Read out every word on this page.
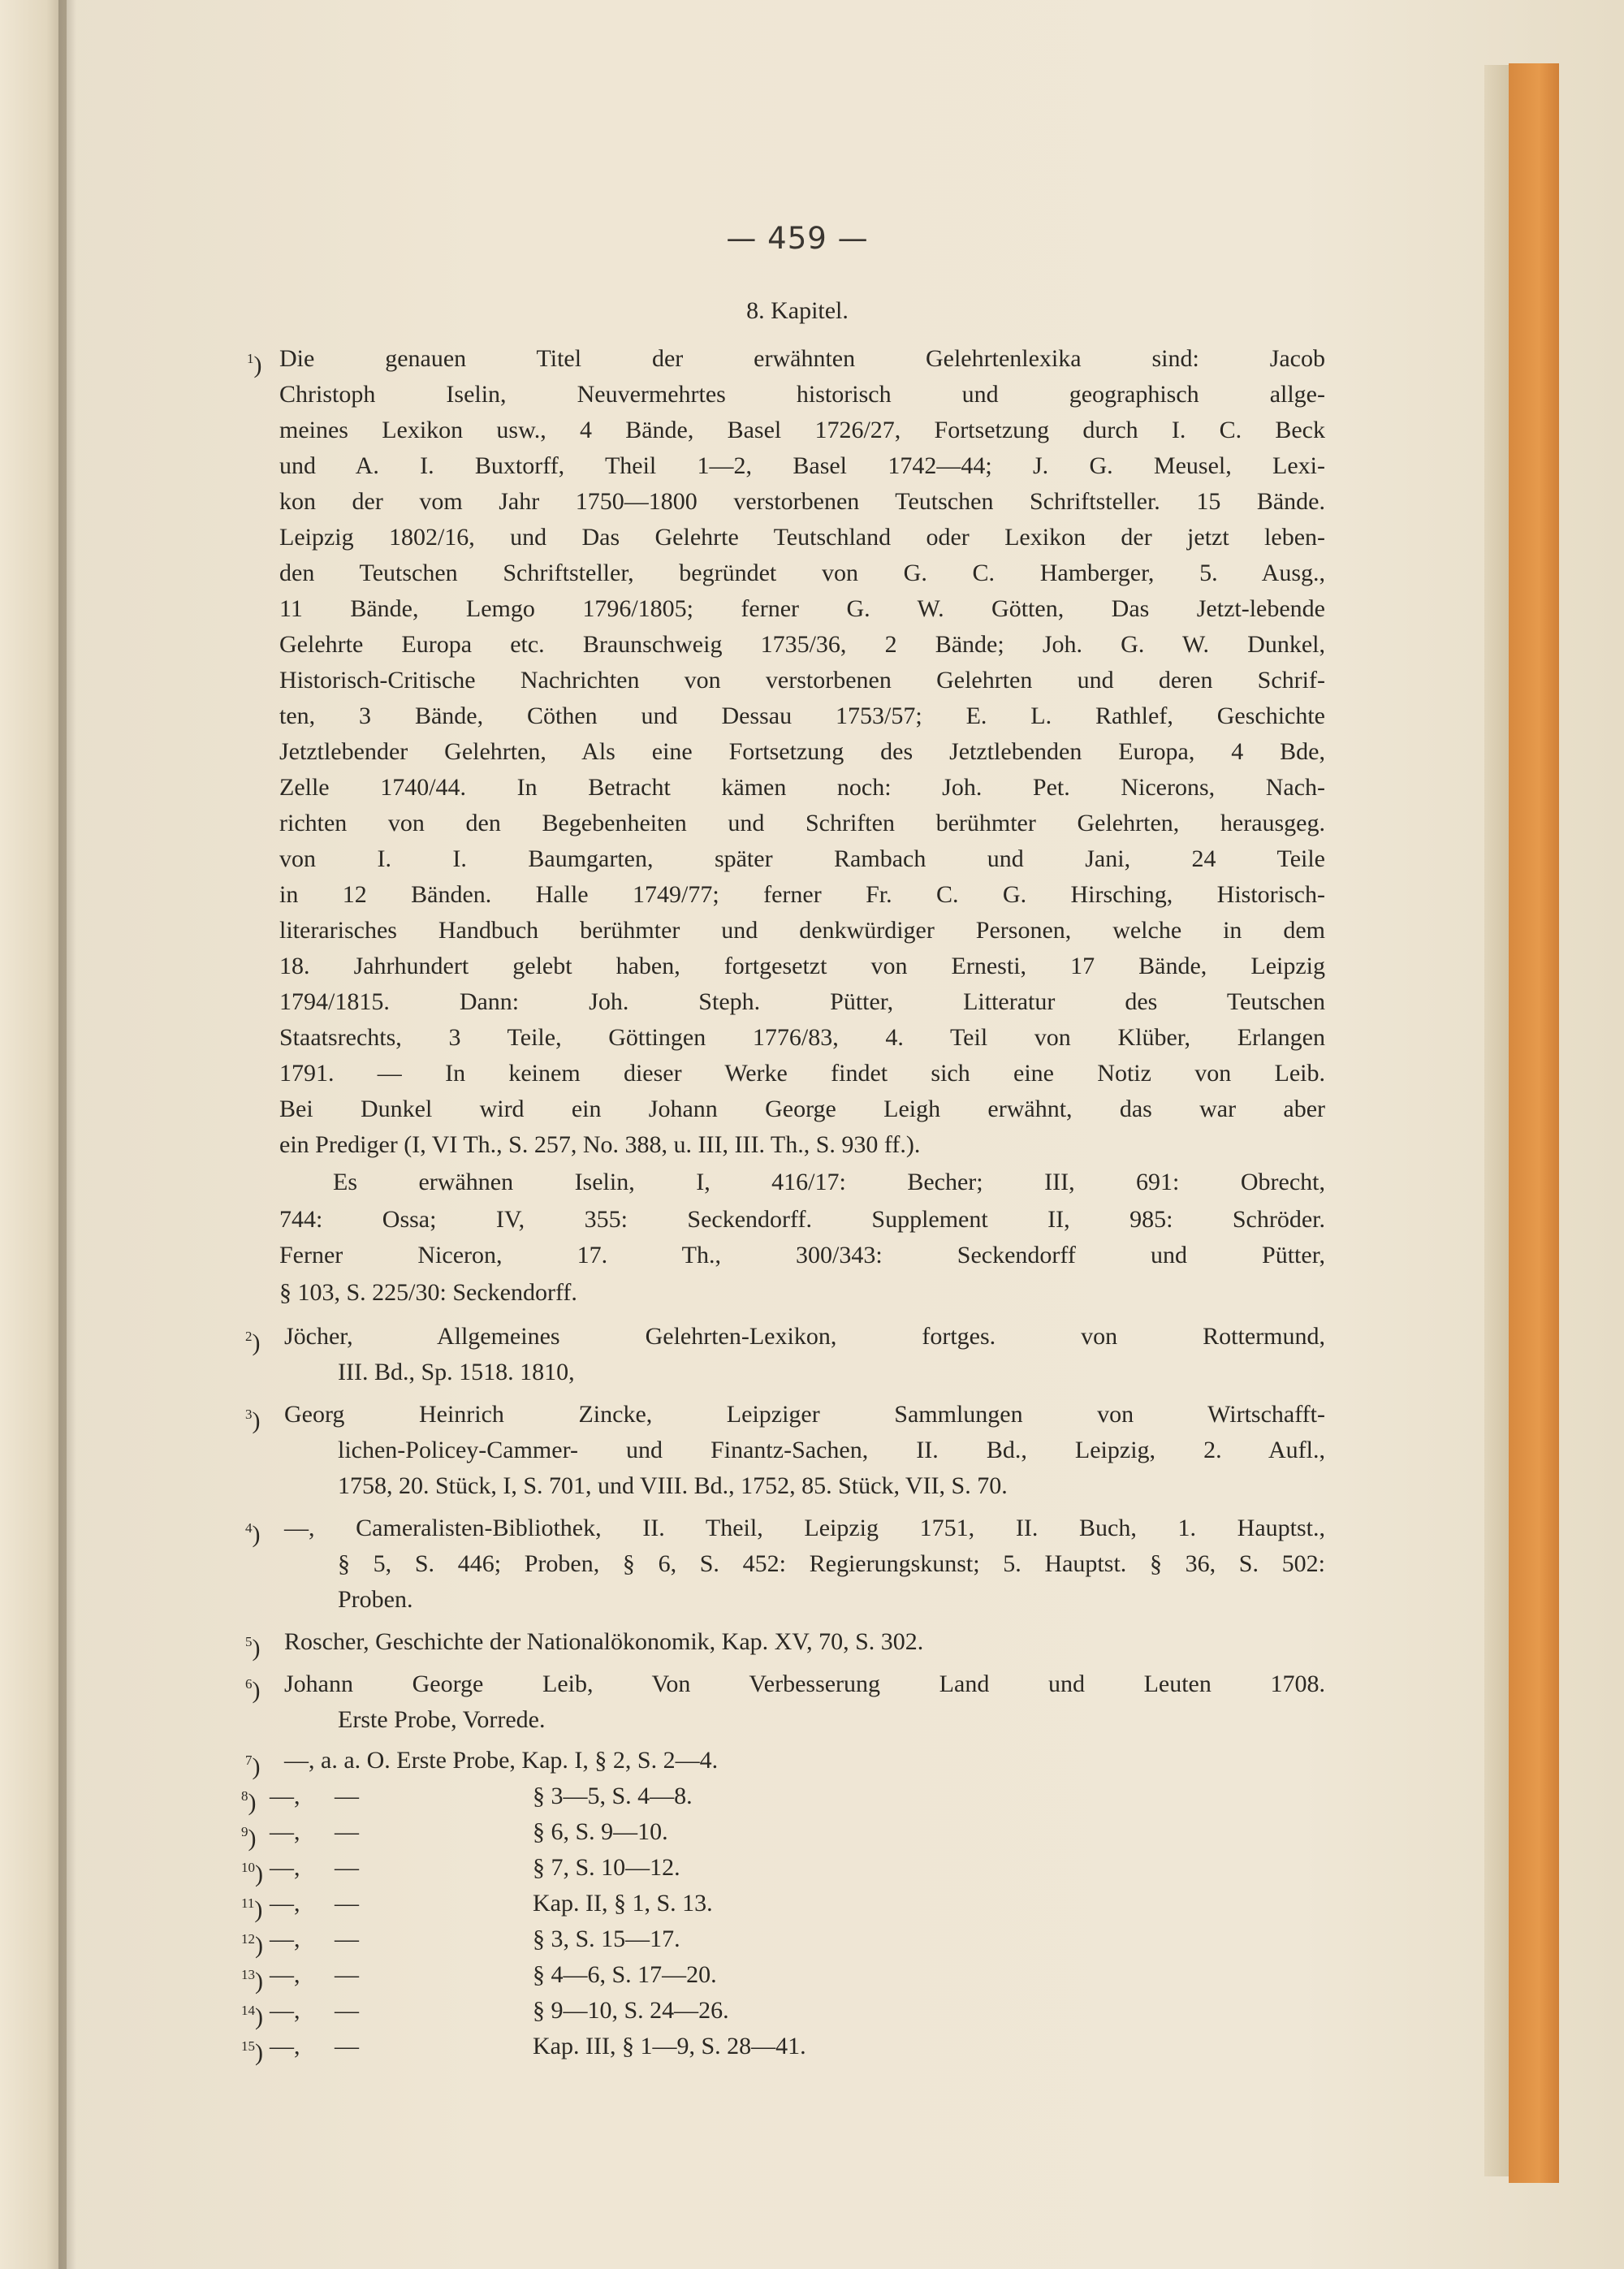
— 459 —
8. Kapitel.
$^1$) Die genauen Titel der erwähnten Gelehrtenlexika sind: Jacob
Christoph Iselin, Neuvermehrtes historisch und geographisch allge-
meines Lexikon usw., 4 Bände, Basel 1726/27, Fortsetzung durch I. C. Beck
und A. I. Buxtorff, Theil 1—2, Basel 1742—44; J. G. Meusel, Lexi-
kon der vom Jahr 1750—1800 verstorbenen Teutschen Schriftsteller. 15 Bände.
Leipzig 1802/16, und Das Gelehrte Teutschland oder Lexikon der jetzt leben-
den Teutschen Schriftsteller, begründet von G. C. Hamberger, 5. Ausg.,
11 Bände, Lemgo 1796/1805; ferner G. W. Götten, Das Jetzt-lebende
Gelehrte Europa etc. Braunschweig 1735/36, 2 Bände; Joh. G. W. Dunkel,
Historisch-Critische Nachrichten von verstorbenen Gelehrten und deren Schrif-
ten, 3 Bände, Cöthen und Dessau 1753/57; E. L. Rathlef, Geschichte
Jetztlebender Gelehrten, Als eine Fortsetzung des Jetztlebenden Europa, 4 Bde,
Zelle 1740/44. In Betracht kämen noch: Joh. Pet. Nicerons, Nach-
richten von den Begebenheiten und Schriften berühmter Gelehrten, herausgeg.
von I. I. Baumgarten, später Rambach und Jani, 24 Teile
in 12 Bänden. Halle 1749/77; ferner Fr. C. G. Hirsching, Historisch-
literarisches Handbuch berühmter und denkwürdiger Personen, welche in dem
18. Jahrhundert gelebt haben, fortgesetzt von Ernesti, 17 Bände, Leipzig
1794/1815. Dann: Joh. Steph. Pütter, Litteratur des Teutschen
Staatsrechts, 3 Teile, Göttingen 1776/83, 4. Teil von Klüber, Erlangen
1791. — In keinem dieser Werke findet sich eine Notiz von Leib.
Bei Dunkel wird ein Johann George Leigh erwähnt, das war aber
ein Prediger (I, VI Th., S. 257, No. 388, u. III, III. Th., S. 930 ff.).
Es erwähnen Iselin, I, 416/17: Becher; III, 691: Obrecht,
744: Ossa; IV, 355: Seckendorff. Supplement II, 985: Schröder.
Ferner Niceron, 17. Th., 300/343: Seckendorff und Pütter,
§ 103, S. 225/30: Seckendorff.
$^2$) Jöcher, Allgemeines Gelehrten-Lexikon, fortges. von Rottermund,
III. Bd., Sp. 1518. 1810,
$^3$) Georg Heinrich Zincke, Leipziger Sammlungen von Wirtschafft-
lichen-Policey-Cammer- und Finantz-Sachen, II. Bd., Leipzig, 2. Aufl.,
1758, 20. Stück, I, S. 701, und VIII. Bd., 1752, 85. Stück, VII, S. 70.
$^4$) —, Cameralisten-Bibliothek, II. Theil, Leipzig 1751, II. Buch, 1. Hauptst.,
§ 5, S. 446; Proben, § 6, S. 452: Regierungskunst; 5. Hauptst. § 36, S. 502:
Proben.
$^5$) Roscher, Geschichte der Nationalökonomik, Kap. XV, 70, S. 302.
$^6$) Johann George Leib, Von Verbesserung Land und Leuten 1708.
Erste Probe, Vorrede.
$^7$) —, a. a. O. Erste Probe, Kap. I, § 2, S. 2—4.
$^8$) —, —	§ 3—5, S. 4—8.
$^9$) —, —	§ 6, S. 9—10.
$^{10}$) —, —	§ 7, S. 10—12.
$^{11}$) —, —	Kap. II, § 1, S. 13.
$^{12}$) —, —	§ 3, S. 15—17.
$^{13}$) —, —	§ 4—6, S. 17—20.
$^{14}$) —, —	§ 9—10, S. 24—26.
$^{15}$) —, —	Kap. III, § 1—9, S. 28—41.
